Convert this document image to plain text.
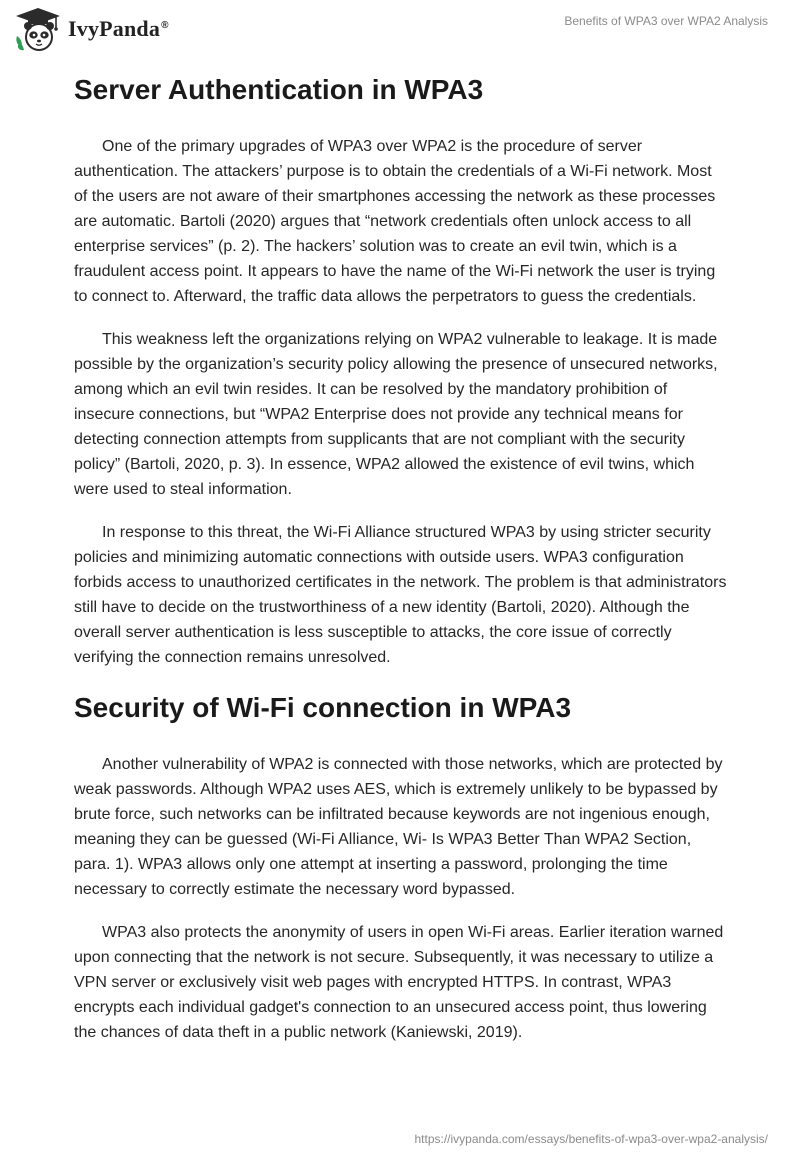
IvyPanda®	Benefits of WPA3 over WPA2 Analysis
Server Authentication in WPA3

One of the primary upgrades of WPA3 over WPA2 is the procedure of server authentication. The attackers’ purpose is to obtain the credentials of a Wi-Fi network. Most of the users are not aware of their smartphones accessing the network as these processes are automatic. Bartoli (2020) argues that “network credentials often unlock access to all enterprise services” (p. 2). The hackers’ solution was to create an evil twin, which is a fraudulent access point. It appears to have the name of the Wi-Fi network the user is trying to connect to. Afterward, the traffic data allows the perpetrators to guess the credentials.

This weakness left the organizations relying on WPA2 vulnerable to leakage. It is made possible by the organization’s security policy allowing the presence of unsecured networks, among which an evil twin resides. It can be resolved by the mandatory prohibition of insecure connections, but “WPA2 Enterprise does not provide any technical means for detecting connection attempts from supplicants that are not compliant with the security policy” (Bartoli, 2020, p. 3). In essence, WPA2 allowed the existence of evil twins, which were used to steal information.

In response to this threat, the Wi-Fi Alliance structured WPA3 by using stricter security policies and minimizing automatic connections with outside users. WPA3 configuration forbids access to unauthorized certificates in the network. The problem is that administrators still have to decide on the trustworthiness of a new identity (Bartoli, 2020). Although the overall server authentication is less susceptible to attacks, the core issue of correctly verifying the connection remains unresolved.

Security of Wi-Fi connection in WPA3

Another vulnerability of WPA2 is connected with those networks, which are protected by weak passwords. Although WPA2 uses AES, which is extremely unlikely to be bypassed by brute force, such networks can be infiltrated because keywords are not ingenious enough, meaning they can be guessed (Wi-Fi Alliance, Wi- Is WPA3 Better Than WPA2 Section, para. 1). WPA3 allows only one attempt at inserting a password, prolonging the time necessary to correctly estimate the necessary word bypassed.

WPA3 also protects the anonymity of users in open Wi-Fi areas. Earlier iteration warned upon connecting that the network is not secure. Subsequently, it was necessary to utilize a VPN server or exclusively visit web pages with encrypted HTTPS. In contrast, WPA3 encrypts each individual gadget's connection to an unsecured access point, thus lowering the chances of data theft in a public network (Kaniewski, 2019).

https://ivypanda.com/essays/benefits-of-wpa3-over-wpa2-analysis/
